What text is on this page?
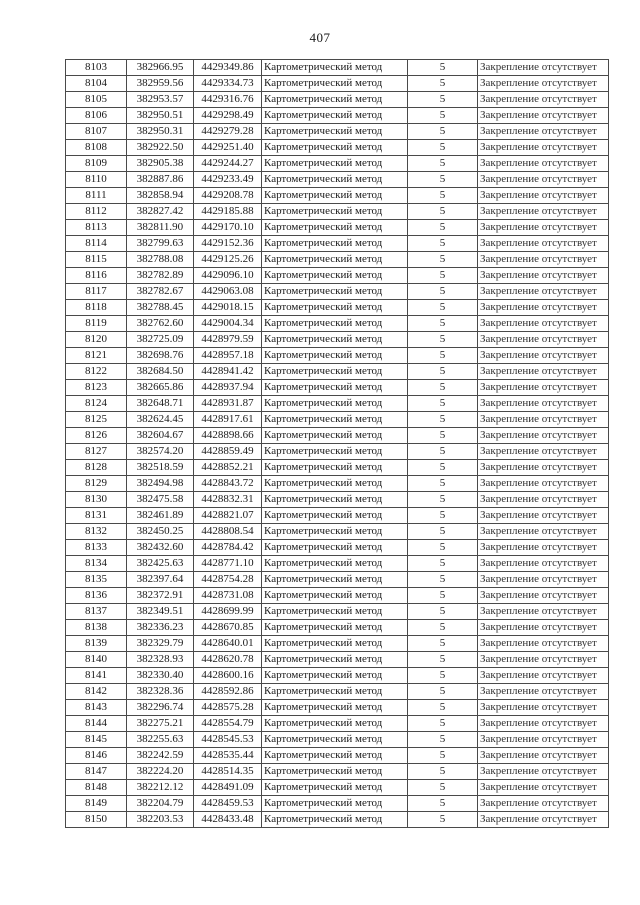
407
8103	382966.95	4429349.86	Картометрический метод	5	Закрепление отсутствует
8104	382959.56	4429334.73	Картометрический метод	5	Закрепление отсутствует
8105	382953.57	4429316.76	Картометрический метод	5	Закрепление отсутствует
8106	382950.51	4429298.49	Картометрический метод	5	Закрепление отсутствует
8107	382950.31	4429279.28	Картометрический метод	5	Закрепление отсутствует
8108	382922.50	4429251.40	Картометрический метод	5	Закрепление отсутствует
8109	382905.38	4429244.27	Картометрический метод	5	Закрепление отсутствует
8110	382887.86	4429233.49	Картометрический метод	5	Закрепление отсутствует
8111	382858.94	4429208.78	Картометрический метод	5	Закрепление отсутствует
8112	382827.42	4429185.88	Картометрический метод	5	Закрепление отсутствует
8113	382811.90	4429170.10	Картометрический метод	5	Закрепление отсутствует
8114	382799.63	4429152.36	Картометрический метод	5	Закрепление отсутствует
8115	382788.08	4429125.26	Картометрический метод	5	Закрепление отсутствует
8116	382782.89	4429096.10	Картометрический метод	5	Закрепление отсутствует
8117	382782.67	4429063.08	Картометрический метод	5	Закрепление отсутствует
8118	382788.45	4429018.15	Картометрический метод	5	Закрепление отсутствует
8119	382762.60	4429004.34	Картометрический метод	5	Закрепление отсутствует
8120	382725.09	4428979.59	Картометрический метод	5	Закрепление отсутствует
8121	382698.76	4428957.18	Картометрический метод	5	Закрепление отсутствует
8122	382684.50	4428941.42	Картометрический метод	5	Закрепление отсутствует
8123	382665.86	4428937.94	Картометрический метод	5	Закрепление отсутствует
8124	382648.71	4428931.87	Картометрический метод	5	Закрепление отсутствует
8125	382624.45	4428917.61	Картометрический метод	5	Закрепление отсутствует
8126	382604.67	4428898.66	Картометрический метод	5	Закрепление отсутствует
8127	382574.20	4428859.49	Картометрический метод	5	Закрепление отсутствует
8128	382518.59	4428852.21	Картометрический метод	5	Закрепление отсутствует
8129	382494.98	4428843.72	Картометрический метод	5	Закрепление отсутствует
8130	382475.58	4428832.31	Картометрический метод	5	Закрепление отсутствует
8131	382461.89	4428821.07	Картометрический метод	5	Закрепление отсутствует
8132	382450.25	4428808.54	Картометрический метод	5	Закрепление отсутствует
8133	382432.60	4428784.42	Картометрический метод	5	Закрепление отсутствует
8134	382425.63	4428771.10	Картометрический метод	5	Закрепление отсутствует
8135	382397.64	4428754.28	Картометрический метод	5	Закрепление отсутствует
8136	382372.91	4428731.08	Картометрический метод	5	Закрепление отсутствует
8137	382349.51	4428699.99	Картометрический метод	5	Закрепление отсутствует
8138	382336.23	4428670.85	Картометрический метод	5	Закрепление отсутствует
8139	382329.79	4428640.01	Картометрический метод	5	Закрепление отсутствует
8140	382328.93	4428620.78	Картометрический метод	5	Закрепление отсутствует
8141	382330.40	4428600.16	Картометрический метод	5	Закрепление отсутствует
8142	382328.36	4428592.86	Картометрический метод	5	Закрепление отсутствует
8143	382296.74	4428575.28	Картометрический метод	5	Закрепление отсутствует
8144	382275.21	4428554.79	Картометрический метод	5	Закрепление отсутствует
8145	382255.63	4428545.53	Картометрический метод	5	Закрепление отсутствует
8146	382242.59	4428535.44	Картометрический метод	5	Закрепление отсутствует
8147	382224.20	4428514.35	Картометрический метод	5	Закрепление отсутствует
8148	382212.12	4428491.09	Картометрический метод	5	Закрепление отсутствует
8149	382204.79	4428459.53	Картометрический метод	5	Закрепление отсутствует
8150	382203.53	4428433.48	Картометрический метод	5	Закрепление отсутствует
